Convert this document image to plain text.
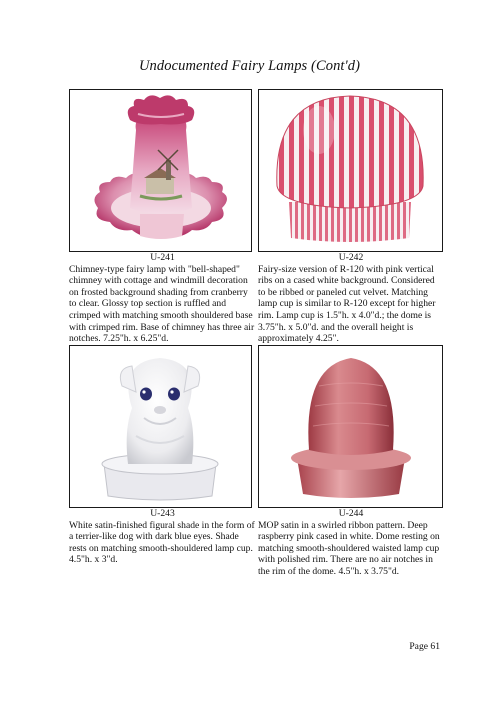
Undocumented Fairy Lamps (Cont'd)
U-241
Chimney-type fairy lamp with "bell-shaped" chimney with cottage and windmill decoration on frosted background shading from cranberry to clear. Glossy top section is ruffled and crimped with matching smooth shouldered base with crimped rim. Base of chimney has three air notches. 7.25"h. x 6.25"d.
U-242
Fairy-size version of R-120 with pink vertical ribs on a cased white background. Considered to be ribbed or paneled cut velvet. Matching lamp cup is similar to R-120 except for higher rim. Lamp cup is 1.5"h. x 4.0"d.; the dome is 3.75"h. x 5.0"d. and the overall height is approximately 4.25".
U-243
White satin-finished figural shade in the form of a terrier-like dog with dark blue eyes. Shade rests on matching smooth-shouldered lamp cup. 4.5"h. x 3"d.
U-244
MOP satin in a swirled ribbon pattern. Deep raspberry pink cased in white. Dome resting on matching smooth-shouldered waisted lamp cup with polished rim. There are no air notches in the rim of the dome. 4.5"h. x 3.75"d.
Page 61
